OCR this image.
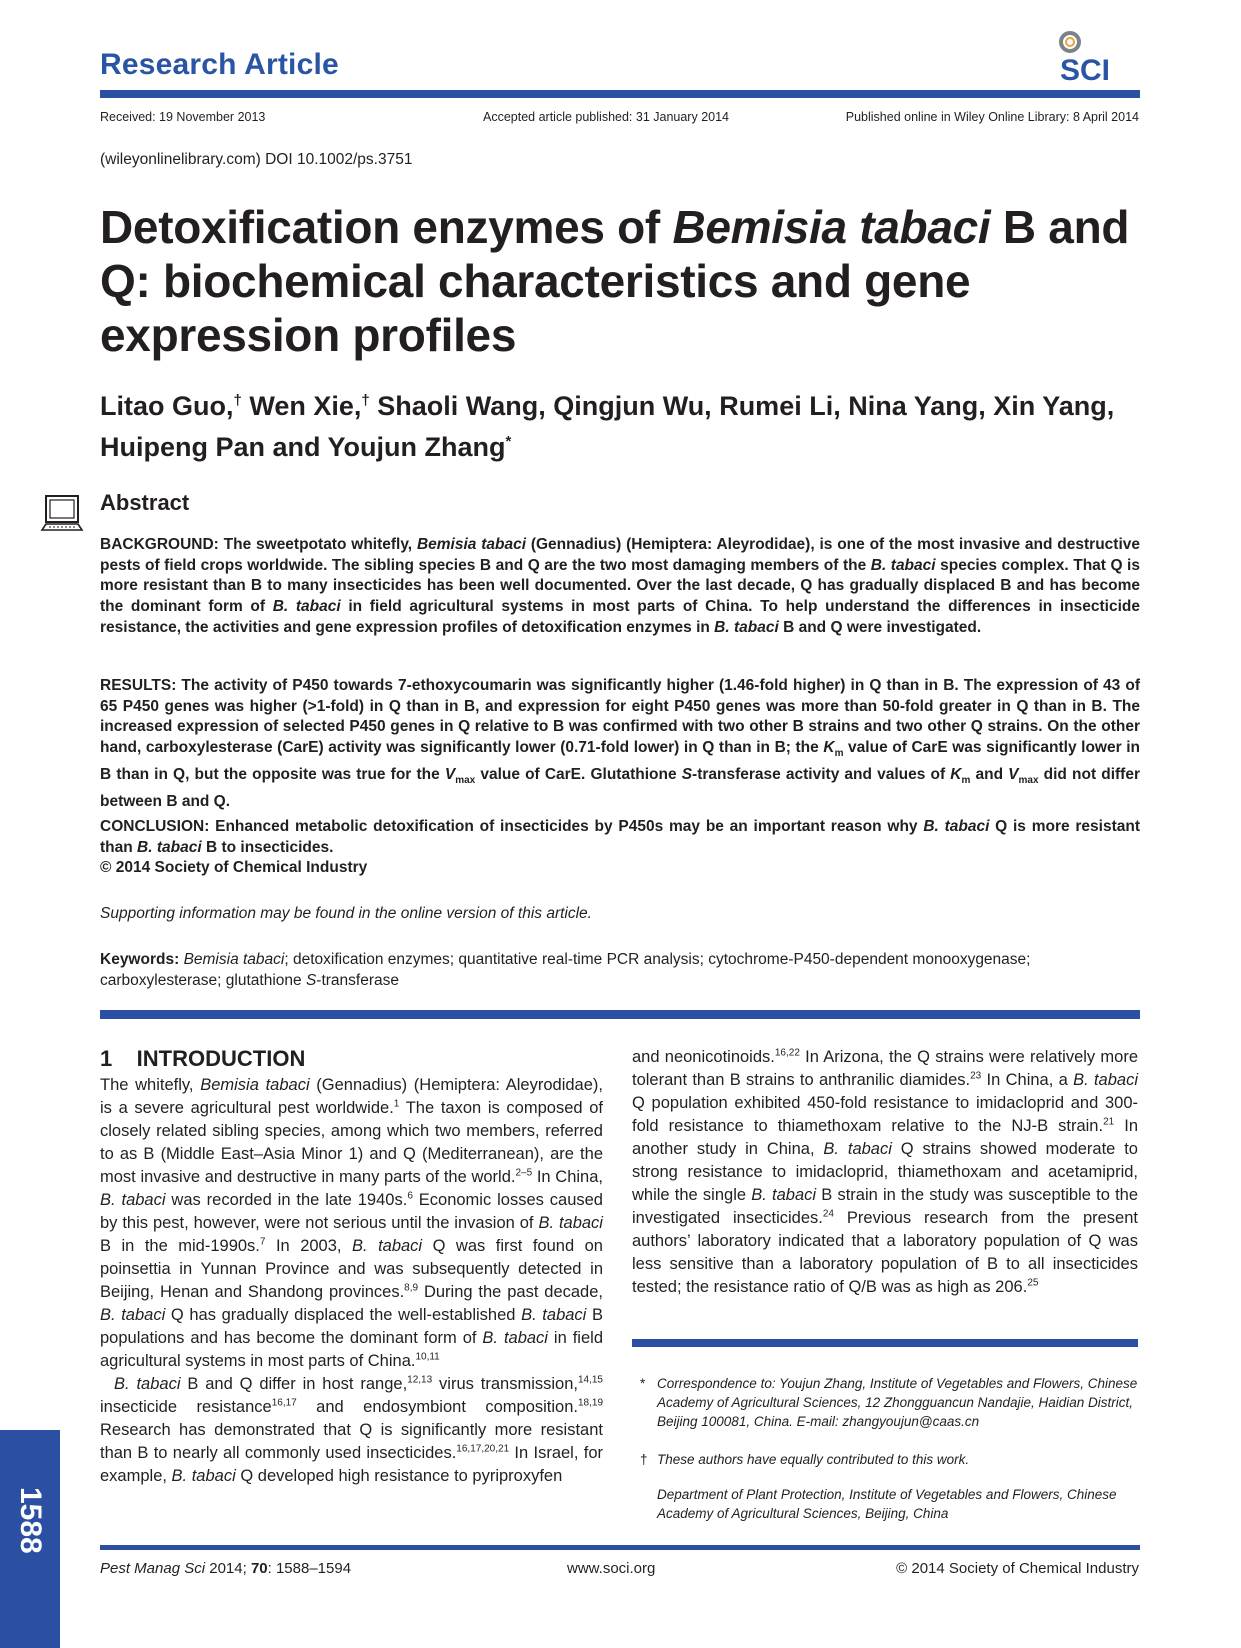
Research Article	SCI
Received: 19 November 2013	Accepted article published: 31 January 2014	Published online in Wiley Online Library: 8 April 2014
(wileyonlinelibrary.com) DOI 10.1002/ps.3751
Detoxification enzymes of Bemisia tabaci B and Q: biochemical characteristics and gene expression profiles
Litao Guo,† Wen Xie,† Shaoli Wang, Qingjun Wu, Rumei Li, Nina Yang, Xin Yang, Huipeng Pan and Youjun Zhang*
Abstract

BACKGROUND: The sweetpotato whitefly, Bemisia tabaci (Gennadius) (Hemiptera: Aleyrodidae), is one of the most invasive and destructive pests of field crops worldwide. The sibling species B and Q are the two most damaging members of the B. tabaci species complex. That Q is more resistant than B to many insecticides has been well documented. Over the last decade, Q has gradually displaced B and has become the dominant form of B. tabaci in field agricultural systems in most parts of China. To help understand the differences in insecticide resistance, the activities and gene expression profiles of detoxification enzymes in B. tabaci B and Q were investigated.

RESULTS: The activity of P450 towards 7-ethoxycoumarin was significantly higher (1.46-fold higher) in Q than in B. The expression of 43 of 65 P450 genes was higher (>1-fold) in Q than in B, and expression for eight P450 genes was more than 50-fold greater in Q than in B. The increased expression of selected P450 genes in Q relative to B was confirmed with two other B strains and two other Q strains. On the other hand, carboxylesterase (CarE) activity was significantly lower (0.71-fold lower) in Q than in B; the $K_m$ value of CarE was significantly lower in B than in Q, but the opposite was true for the $V_{max}$ value of CarE. Glutathione S-transferase activity and values of $K_m$ and $V_{max}$ did not differ between B and Q.

CONCLUSION: Enhanced metabolic detoxification of insecticides by P450s may be an important reason why B. tabaci Q is more resistant than B. tabaci B to insecticides.
© 2014 Society of Chemical Industry

Supporting information may be found in the online version of this article.
Keywords: Bemisia tabaci; detoxification enzymes; quantitative real-time PCR analysis; cytochrome-P450-dependent monooxygenase; carboxylesterase; glutathione S-transferase
1    INTRODUCTION

The whitefly, Bemisia tabaci (Gennadius) (Hemiptera: Aleyrodidae), is a severe agricultural pest worldwide.$^1$ The taxon is composed of closely related sibling species, among which two members, referred to as B (Middle East–Asia Minor 1) and Q (Mediterranean), are the most invasive and destructive in many parts of the world.$^{2-5}$ In China, B. tabaci was recorded in the late 1940s.$^6$ Economic losses caused by this pest, however, were not serious until the invasion of B. tabaci B in the mid-1990s.$^7$ In 2003, B. tabaci Q was first found on poinsettia in Yunnan Province and was subsequently detected in Beijing, Henan and Shandong provinces.$^{8,9}$ During the past decade, B. tabaci Q has gradually displaced the well-established B. tabaci B populations and has become the dominant form of B. tabaci in field agricultural systems in most parts of China.$^{10,11}$

B. tabaci B and Q differ in host range,$^{12,13}$ virus transmission,$^{14,15}$ insecticide resistance$^{16,17}$ and endosymbiont composition.$^{18,19}$ Research has demonstrated that Q is significantly more resistant than B to nearly all commonly used insecticides.$^{16,17,20,21}$ In Israel, for example, B. tabaci Q developed high resistance to pyriproxyfen

and neonicotinoids.$^{16,22}$ In Arizona, the Q strains were relatively more tolerant than B strains to anthranilic diamides.$^{23}$ In China, a B. tabaci Q population exhibited 450-fold resistance to imidacloprid and 300-fold resistance to thiamethoxam relative to the NJ-B strain.$^{21}$ In another study in China, B. tabaci Q strains showed moderate to strong resistance to imidacloprid, thiamethoxam and acetamiprid, while the single B. tabaci B strain in the study was susceptible to the investigated insecticides.$^{24}$ Previous research from the present authors’ laboratory indicated that a laboratory population of Q was less sensitive than a laboratory population of B to all insecticides tested; the resistance ratio of Q/B was as high as 206.25

* Correspondence to: Youjun Zhang, Institute of Vegetables and Flowers, Chinese Academy of Agricultural Sciences, 12 Zhongguancun Nandajie, Haidian District, Beijing 100081, China. E-mail: zhangyoujun@caas.cn
† These authors have equally contributed to this work.
Department of Plant Protection, Institute of Vegetables and Flowers, Chinese Academy of Agricultural Sciences, Beijing, China
1588
Pest Manag Sci 2014; 70: 1588–1594	www.soci.org	© 2014 Society of Chemical Industry
